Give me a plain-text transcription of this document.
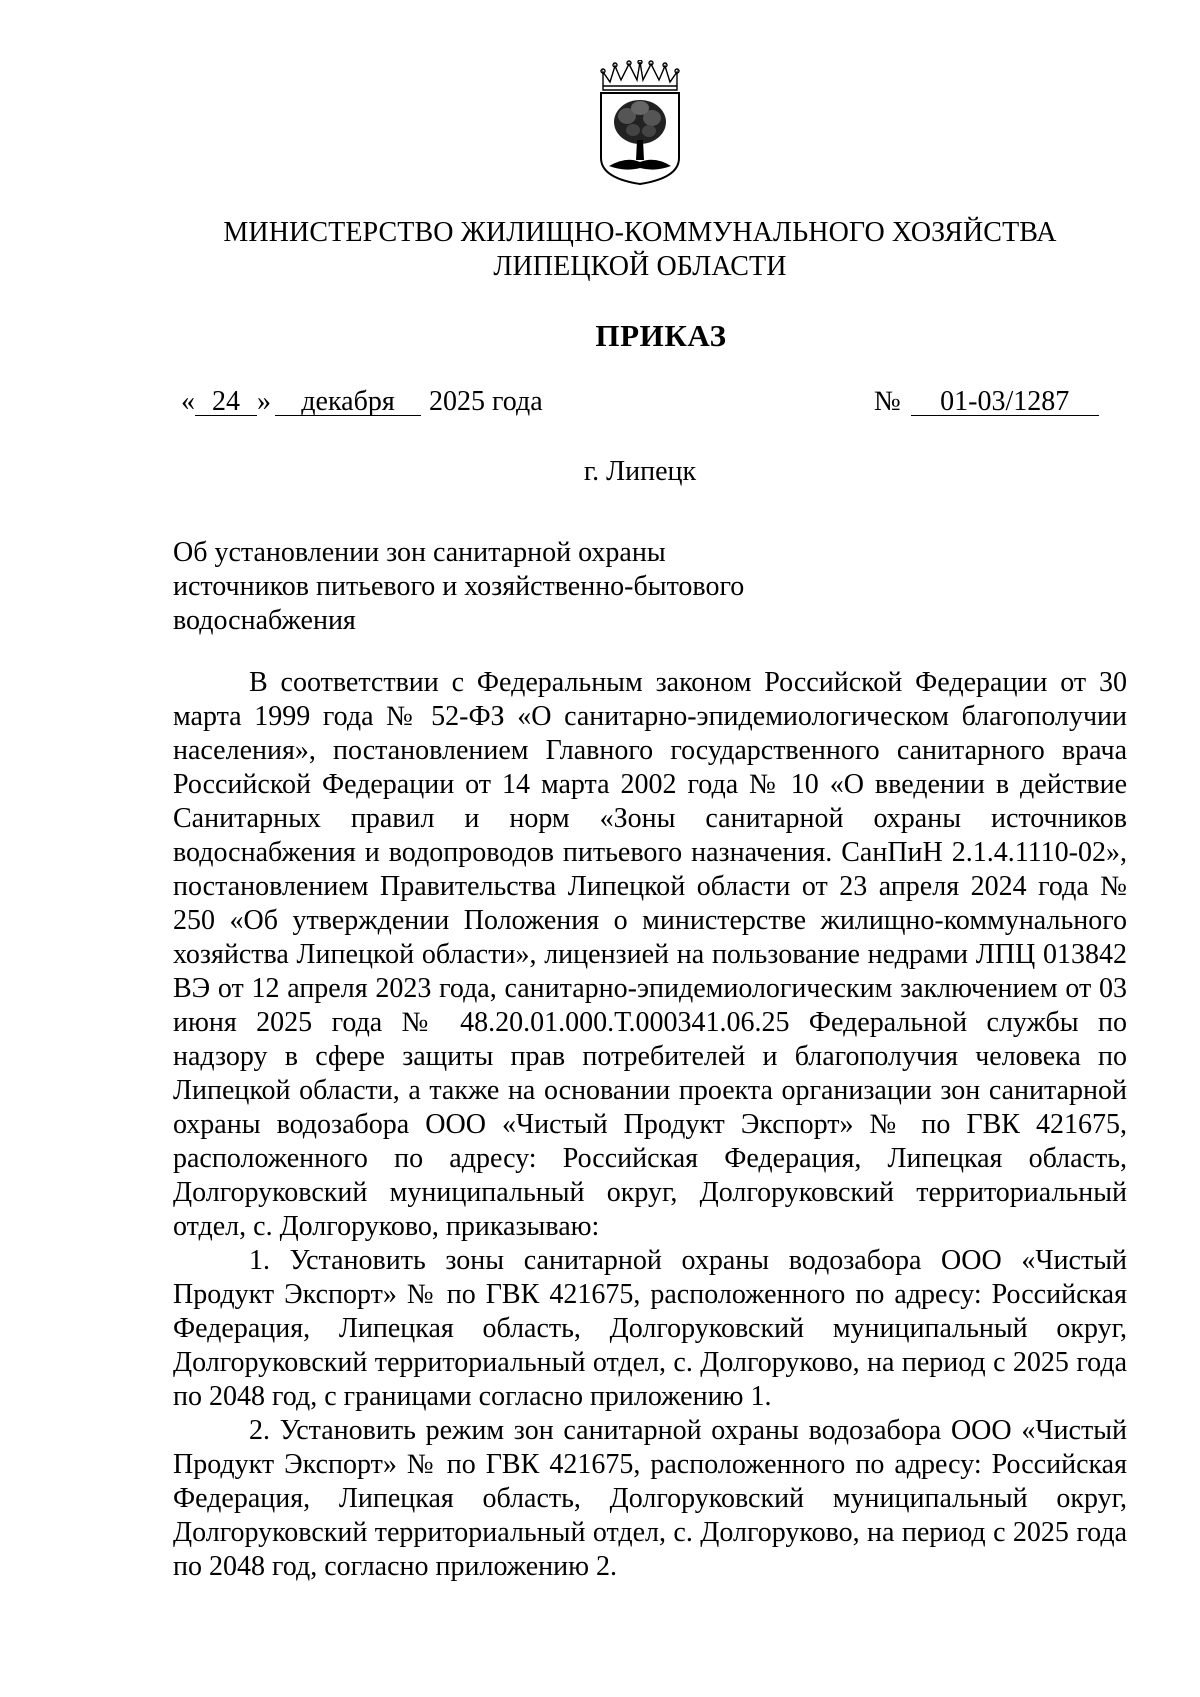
МИНИСТЕРСТВО ЖИЛИЩНО-КОММУНАЛЬНОГО ХОЗЯЙСТВА
ЛИПЕЦКОЙ ОБЛАСТИ
ПРИКАЗ
« 24 » декабря 2025 года	№ 01-03/1287
г. Липецк
Об установлении зон санитарной охраны
источников питьевого и хозяйственно-бытового
водоснабжения

В соответствии с Федеральным законом Российской Федерации от 30 марта 1999 года № 52-ФЗ «О санитарно-эпидемиологическом благополучии населения», постановлением Главного государственного санитарного врача Российской Федерации от 14 марта 2002 года № 10 «О введении в действие Санитарных правил и норм «Зоны санитарной охраны источников водоснабжения и водопроводов питьевого назначения. СанПиН 2.1.4.1110-02», постановлением Правительства Липецкой области от 23 апреля 2024 года № 250 «Об утверждении Положения о министерстве жилищно-коммунального хозяйства Липецкой области», лицензией на пользование недрами ЛПЦ 013842 ВЭ от 12 апреля 2023 года, санитарно-эпидемиологическим заключением от 03 июня 2025 года № 48.20.01.000.Т.000341.06.25 Федеральной службы по надзору в сфере защиты прав потребителей и благополучия человека по Липецкой области, а также на основании проекта организации зон санитарной охраны водозабора ООО «Чистый Продукт Экспорт» № по ГВК 421675, расположенного по адресу: Российская Федерация, Липецкая область, Долгоруковский муниципальный округ, Долгоруковский территориальный отдел, с. Долгоруково, приказываю:

1. Установить зоны санитарной охраны водозабора ООО «Чистый Продукт Экспорт» № по ГВК 421675, расположенного по адресу: Российская Федерация, Липецкая область, Долгоруковский муниципальный округ, Долгоруковский территориальный отдел, с. Долгоруково, на период с 2025 года по 2048 год, с границами согласно приложению 1.

2. Установить режим зон санитарной охраны водозабора ООО «Чистый Продукт Экспорт» № по ГВК 421675, расположенного по адресу: Российская Федерация, Липецкая область, Долгоруковский муниципальный округ, Долгоруковский территориальный отдел, с. Долгоруково, на период с 2025 года по 2048 год, согласно приложению 2.
